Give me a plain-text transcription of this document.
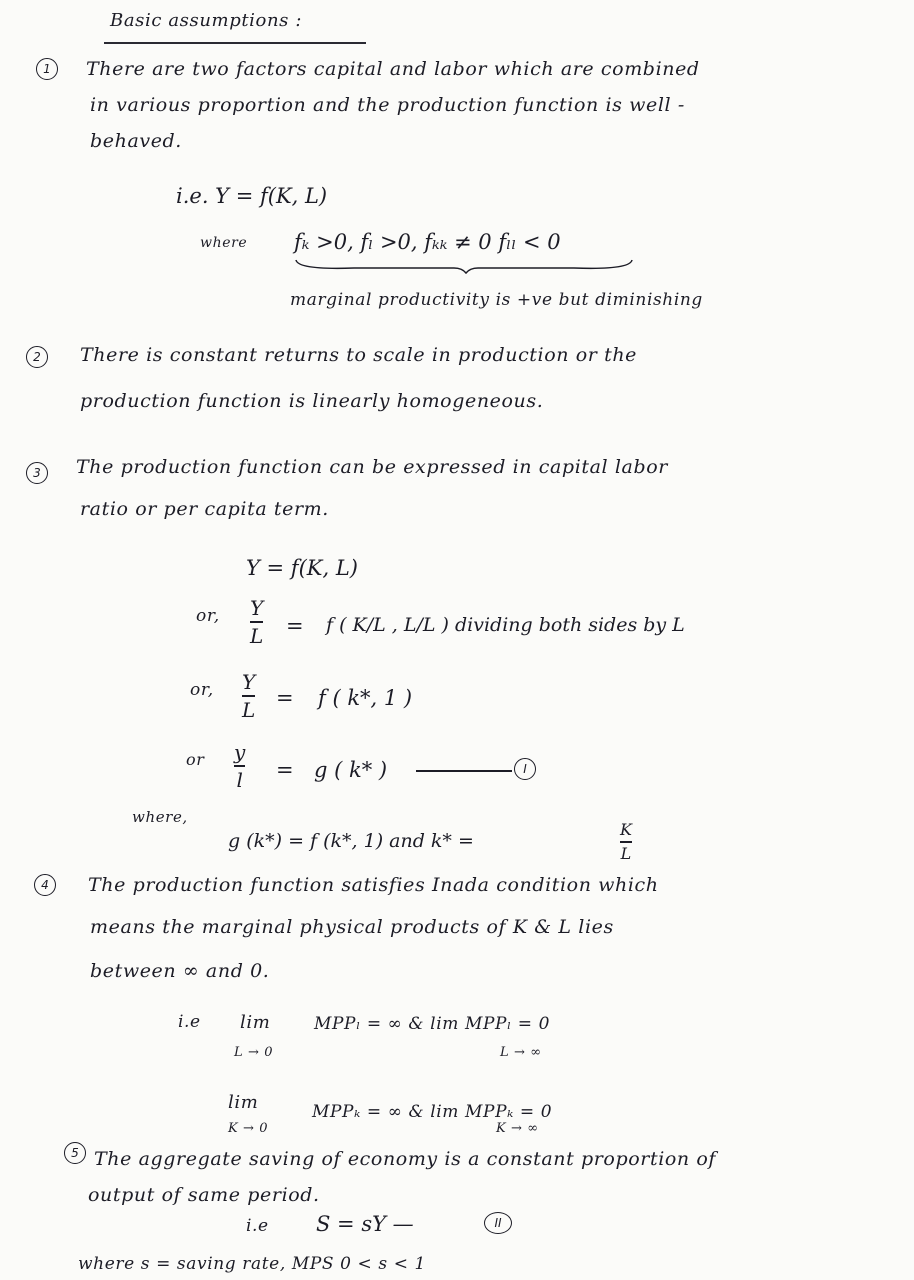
Basic assumptions :
1	There are two factors capital and labor which are combined
in various proportion and the production function is well -
behaved.
i.e. Y = f(K, L)
where fₖ >0, fₗ >0, fₖₖ ≠ 0 fₗₗ < 0
marginal productivity is +ve but diminishing
2	There is constant returns to scale in production or the
production function is linearly homogeneous.
3	The production function can be expressed in capital labor
ratio or per capita term.
Y = f(K, L)
or, Y
L = f ( K/L , L/L ) dividing both sides by L
or, Y
L = f ( k*, 1 )
or y
l = g ( k* )	I
where,
g (k*) = f (k*, 1) and k* =
K
L
4	The production function satisfies Inada condition which
means the marginal physical products of K & L lies
between ∞ and 0.
i.e lim
L → 0
MPPₗ = ∞ & lim MPPₗ = 0
L → ∞
lim
K → 0
MPPₖ = ∞ & lim MPPₖ = 0
K → ∞
5 The aggregate saving of economy is a constant proportion of
output of same period.
i.e S = sY —	II
where s = saving rate, MPS 0 < s < 1
